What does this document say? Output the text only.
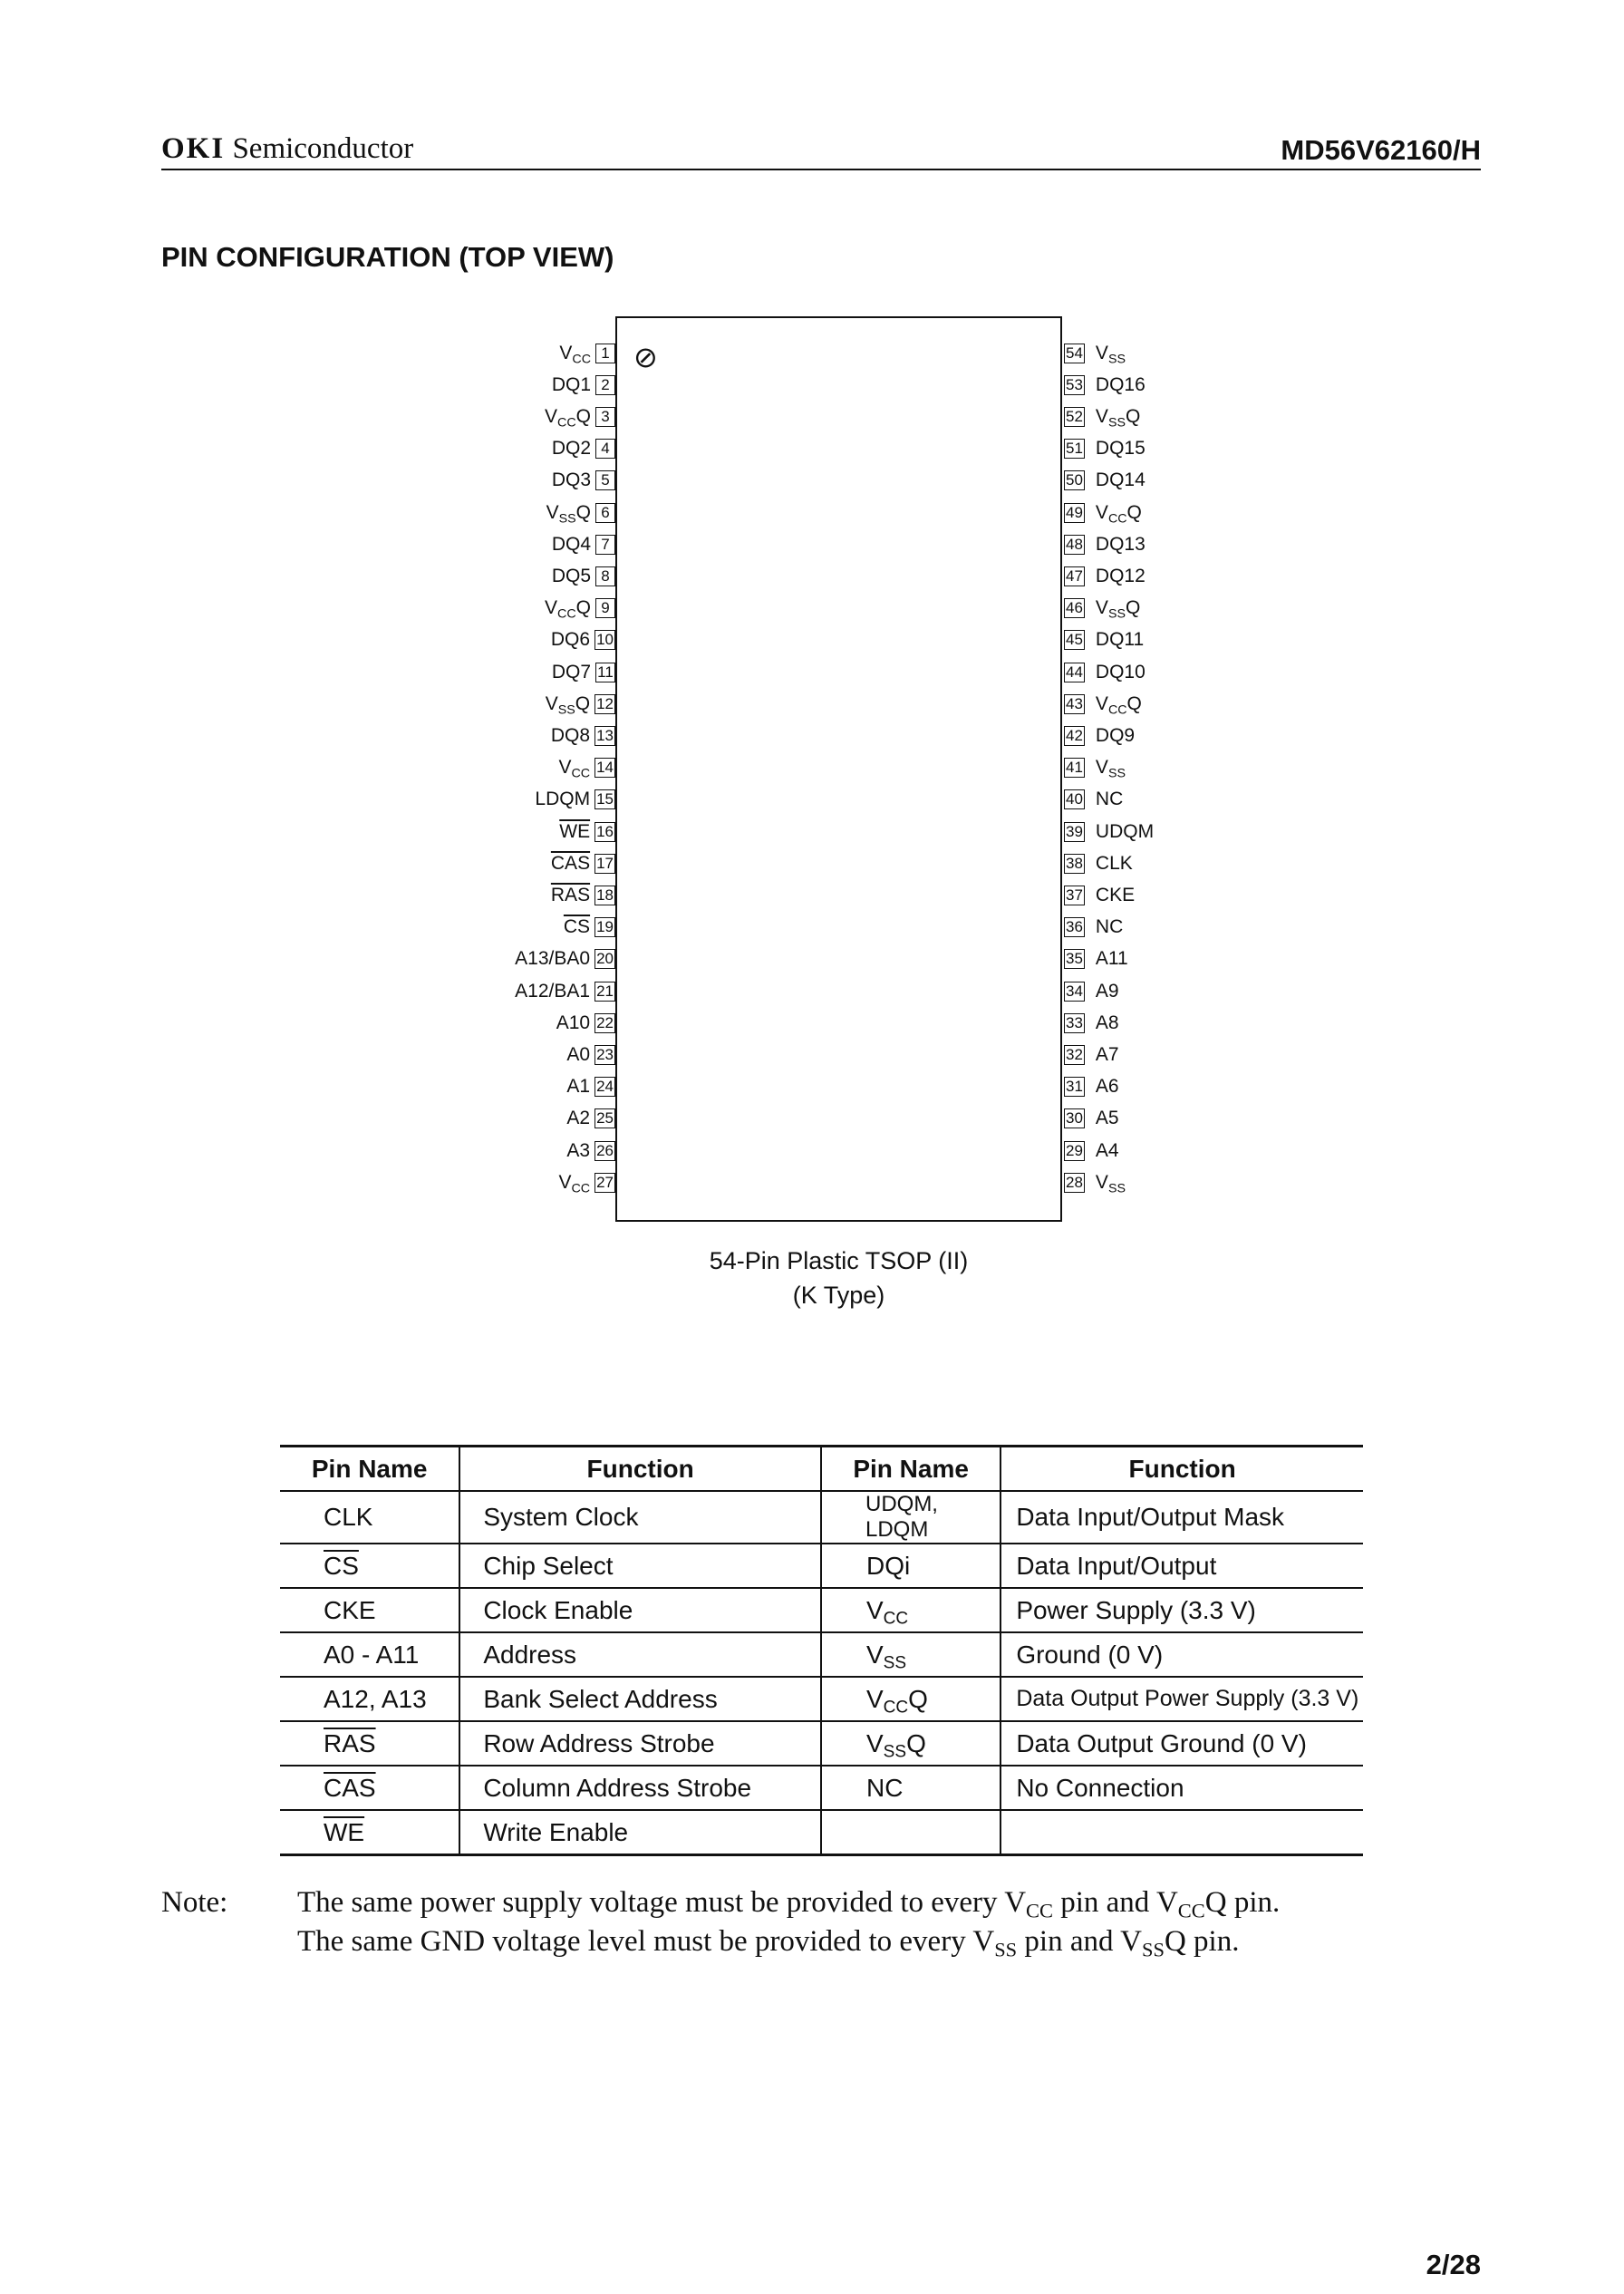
OKI Semiconductor	MD56V62160/H
PIN CONFIGURATION (TOP VIEW)
⊘
$V_{CC}$ 1
DQ1 2
$V_{CC}Q$ 3
DQ2 4
DQ3 5
$V_{SS}Q$ 6
DQ4 7
DQ5 8
$V_{CC}Q$ 9
DQ6 10
DQ7 11
$V_{SS}Q$ 12
DQ8 13
$V_{CC}$ 14
LDQM 15
$\overline{WE}$ 16
$\overline{CAS}$ 17
$\overline{RAS}$ 18
$\overline{CS}$ 19
A13/BA0 20
A12/BA1 21
A10 22
A0 23
A1 24
A2 25
A3 26
$V_{CC}$ 27
54 $V_{SS}$
53 DQ16
52 $V_{SS}Q$
51 DQ15
50 DQ14
49 $V_{CC}Q$
48 DQ13
47 DQ12
46 $V_{SS}Q$
45 DQ11
44 DQ10
43 $V_{CC}Q$
42 DQ9
41 $V_{SS}$
40 NC
39 UDQM
38 CLK
37 CKE
36 NC
35 A11
34 A9
33 A8
32 A7
31 A6
30 A5
29 A4
28 $V_{SS}$
54-Pin Plastic TSOP (II)
(K Type)
Pin Name	Function	Pin Name	Function
CLK	System Clock	UDQM, LDQM	Data Input/Output Mask
$\overline{CS}$	Chip Select	DQi	Data Input/Output
CKE	Clock Enable	$V_{CC}$	Power Supply (3.3 V)
A0 - A11	Address	$V_{SS}$	Ground (0 V)
A12, A13	Bank Select Address	$V_{CC}Q$	Data Output Power Supply (3.3 V)
$\overline{RAS}$	Row Address Strobe	$V_{SS}Q$	Data Output Ground (0 V)
$\overline{CAS}$	Column Address Strobe	NC	No Connection
$\overline{WE}$	Write Enable		
Note: The same power supply voltage must be provided to every $V_{CC}$ pin and $V_{CC}Q$ pin.
The same GND voltage level must be provided to every $V_{SS}$ pin and $V_{SS}Q$ pin.
2/28
